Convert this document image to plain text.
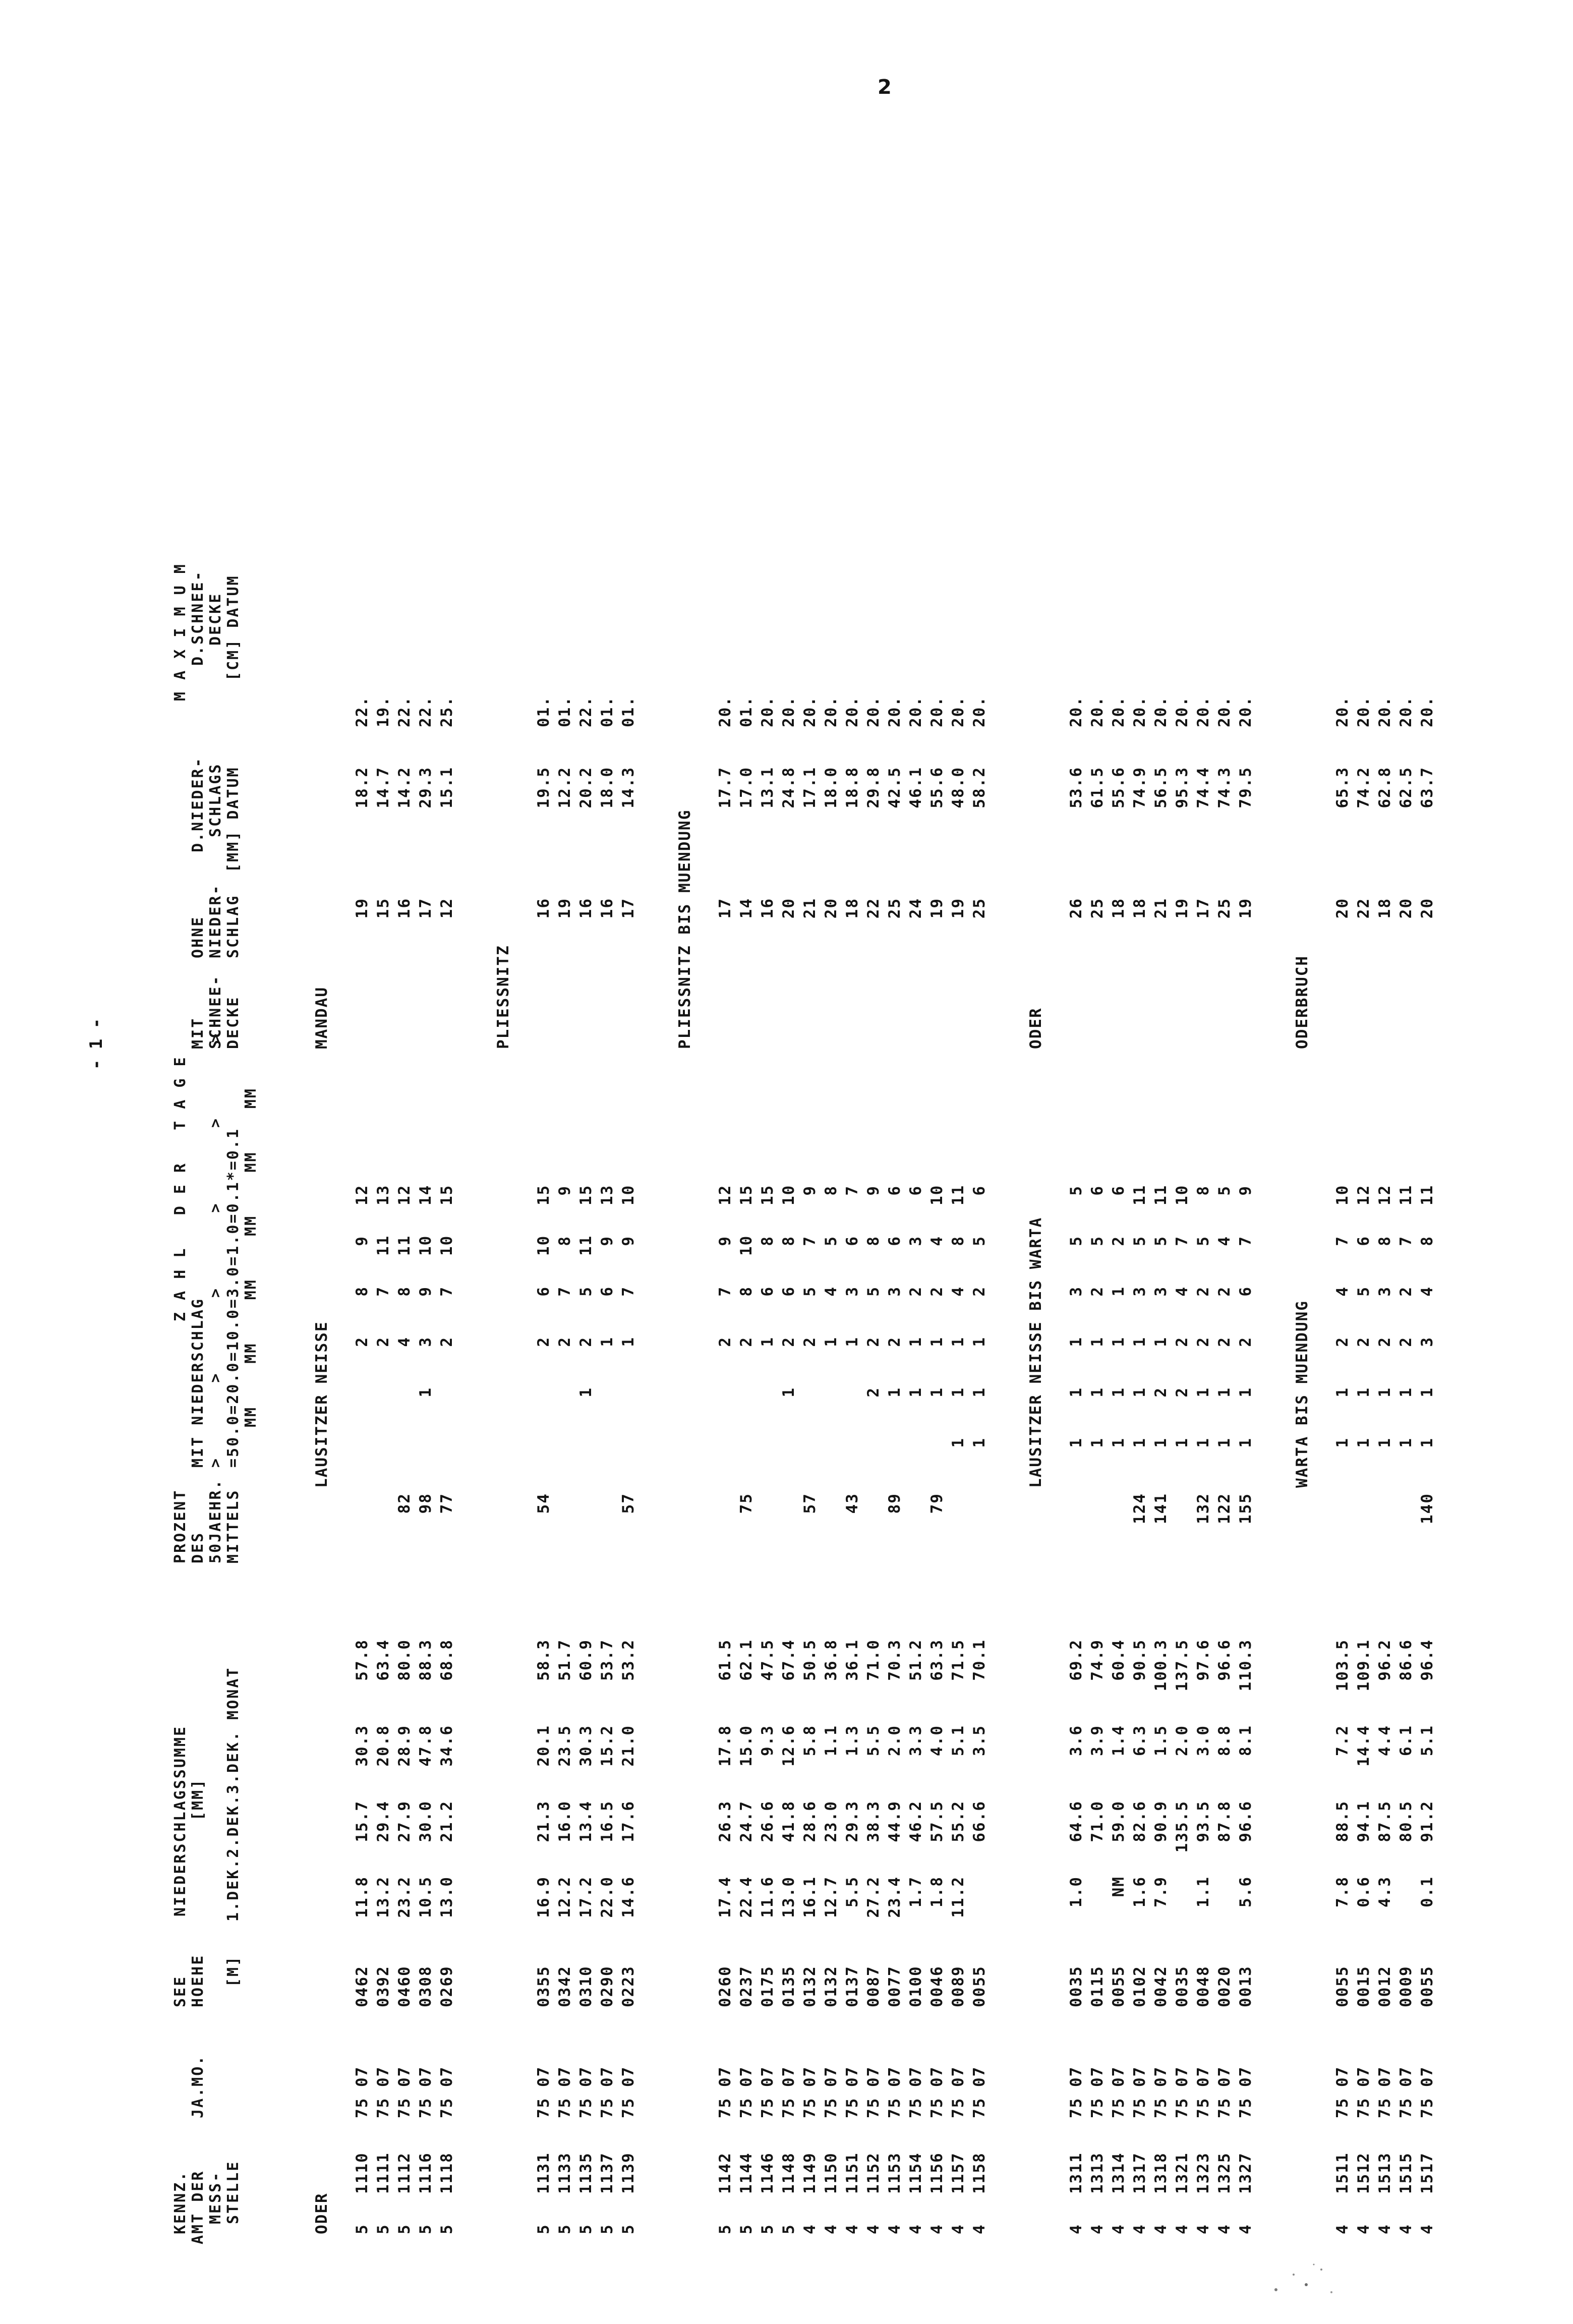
2
- 1 -
KENNZ. AMT DER MESS- STELLE
JA.MO.
SEE HOEHE [M]
NIEDERSCHLAGSSUMME [MM] 1.DEK.2.DEK.3.DEK. MONAT
PROZENT DES 50JAEHR. MITTELS
Z A H L   D E R   T A G E
MIT NIEDERSCHLAG >       >       >       >       >       > =50.0=20.0=10.0=3.0=1.0=0.1*=0.1 MM    MM    MM    MM    MM    MM
MIT SCHNEE- DECKE
OHNE NIEDER- SCHLAG
M A X I M U M
D.NIEDER- SCHLAGS [MM] DATUM
D.SCHNEE- DECKE [CM] DATUM
ODER
LAUSITZER NEISSE
MANDAU
5
1110
75 07
0462
11.8
15.7
30.3
57.8
2
8
9
12
19
18.2
22.
5
1111
75 07
0392
13.2
29.4
20.8
63.4
2
7
11
13
15
14.7
19.
5
1112
75 07
0460
23.2
27.9
28.9
80.0
82
4
8
11
12
16
14.2
22.
5
1116
75 07
0308
10.5
30.0
47.8
88.3
98
1
3
9
10
14
17
29.3
22.
5
1118
75 07
0269
13.0
21.2
34.6
68.8
77
2
7
10
15
12
15.1
25.
PLIESSNITZ
5
1131
75 07
0355
16.9
21.3
20.1
58.3
54
2
6
10
15
16
19.5
01.
5
1133
75 07
0342
12.2
16.0
23.5
51.7
2
7
8
9
19
12.2
01.
5
1135
75 07
0310
17.2
13.4
30.3
60.9
1
2
5
11
15
16
20.2
22.
5
1137
75 07
0290
22.0
16.5
15.2
53.7
1
6
9
13
16
18.0
01.
5
1139
75 07
0223
14.6
17.6
21.0
53.2
57
1
7
9
10
17
14.3
01.
PLIESSNITZ BIS MUENDUNG
5
1142
75 07
0260
17.4
26.3
17.8
61.5
2
7
9
12
17
17.7
20.
5
1144
75 07
0237
22.4
24.7
15.0
62.1
75
2
8
10
15
14
17.0
01.
5
1146
75 07
0175
11.6
26.6
9.3
47.5
1
6
8
15
16
13.1
20.
5
1148
75 07
0135
13.0
41.8
12.6
67.4
1
2
6
8
10
20
24.8
20.
4
1149
75 07
0132
16.1
28.6
5.8
50.5
57
2
5
7
9
21
17.1
20.
4
1150
75 07
0132
12.7
23.0
1.1
36.8
1
4
5
8
20
18.0
20.
4
1151
75 07
0137
5.5
29.3
1.3
36.1
43
1
3
6
7
18
18.8
20.
4
1152
75 07
0087
27.2
38.3
5.5
71.0
2
2
5
8
9
22
29.8
20.
4
1153
75 07
0077
23.4
44.9
2.0
70.3
89
1
2
3
6
6
25
42.5
20.
4
1154
75 07
0100
1.7
46.2
3.3
51.2
1
1
2
3
6
24
46.1
20.
4
1156
75 07
0046
1.8
57.5
4.0
63.3
79
1
1
2
4
10
19
55.6
20.
4
1157
75 07
0089
11.2
55.2
5.1
71.5
1
1
1
4
8
11
19
48.0
20.
4
1158
75 07
0055
66.6
3.5
70.1
1
1
1
2
5
6
25
58.2
20.
LAUSITZER NEISSE BIS WARTA
ODER
4
1311
75 07
0035
1.0
64.6
3.6
69.2
1
1
1
3
5
5
26
53.6
20.
4
1313
75 07
0115
71.0
3.9
74.9
1
1
1
2
5
6
25
61.5
20.
4
1314
75 07
0055
NM
59.0
1.4
60.4
1
1
1
1
2
6
18
55.6
20.
4
1317
75 07
0102
1.6
82.6
6.3
90.5
124
1
1
1
3
5
11
18
74.9
20.
4
1318
75 07
0042
7.9
90.9
1.5
100.3
141
1
2
1
3
5
11
21
56.5
20.
4
1321
75 07
0035
135.5
2.0
137.5
1
2
2
4
7
10
19
95.3
20.
4
1323
75 07
0048
1.1
93.5
3.0
97.6
132
1
1
2
2
5
8
17
74.4
20.
4
1325
75 07
0020
87.8
8.8
96.6
122
1
1
2
2
4
5
25
74.3
20.
4
1327
75 07
0013
5.6
96.6
8.1
110.3
155
1
1
2
6
7
9
19
79.5
20.
WARTA BIS MUENDUNG
ODERBRUCH
4
1511
75 07
0055
7.8
88.5
7.2
103.5
1
1
2
4
7
10
20
65.3
20.
4
1512
75 07
0015
0.6
94.1
14.4
109.1
1
1
2
5
6
12
22
74.2
20.
4
1513
75 07
0012
4.3
87.5
4.4
96.2
1
1
2
3
8
12
18
62.8
20.
4
1515
75 07
0009
80.5
6.1
86.6
1
1
2
2
7
11
20
62.5
20.
4
1517
75 07
0055
0.1
91.2
5.1
96.4
140
1
1
3
4
8
11
20
63.7
20.
